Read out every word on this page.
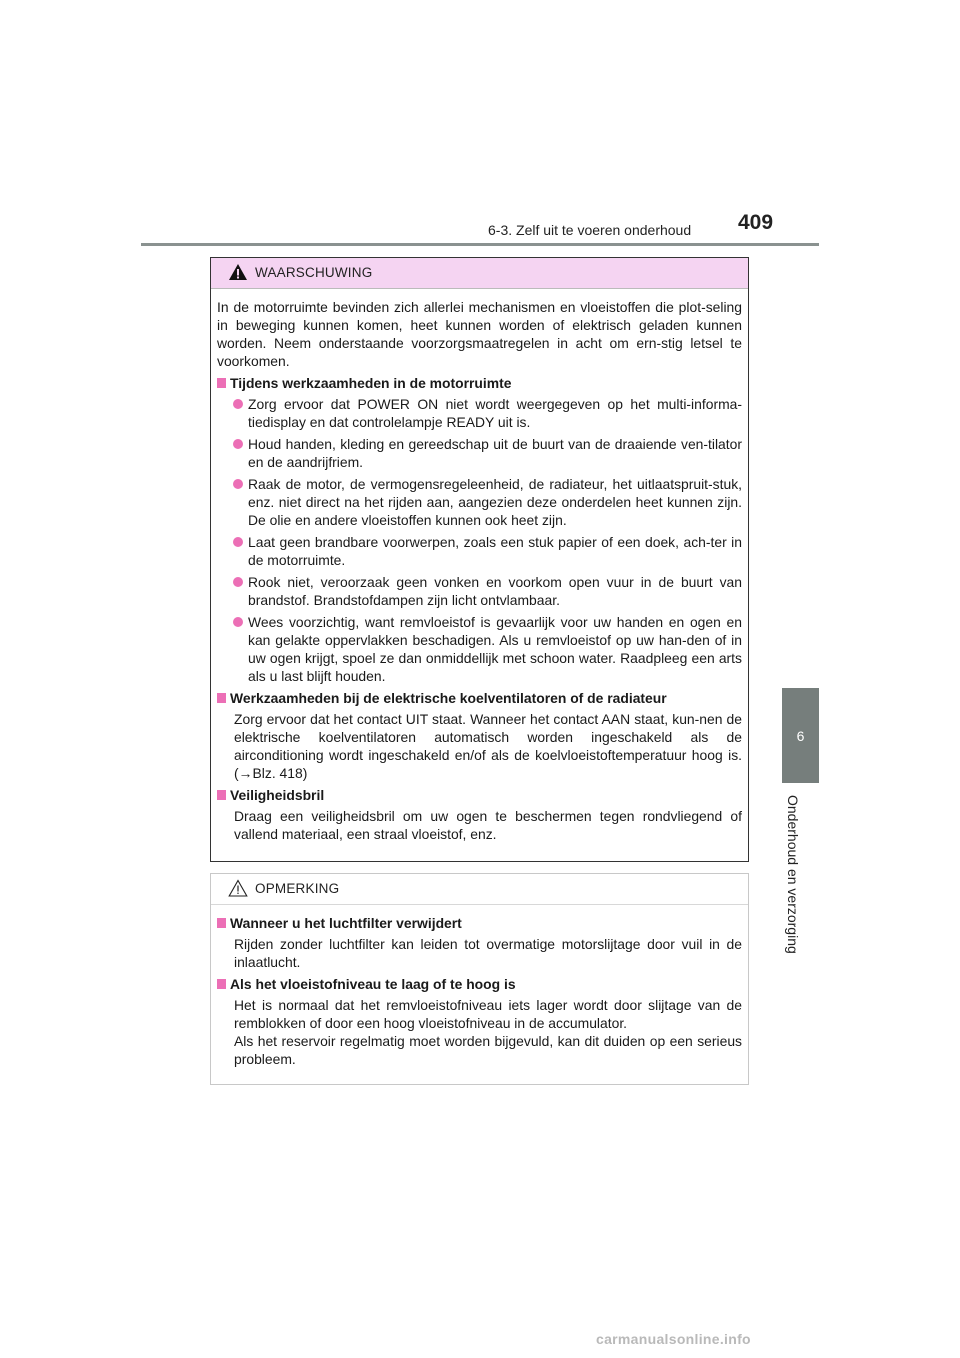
6-3. Zelf uit te voeren onderhoud 409
6
Onderhoud en verzorging
WAARSCHUWING

In de motorruimte bevinden zich allerlei mechanismen en vloeistoffen die plot-seling in beweging kunnen komen, heet kunnen worden of elektrisch geladen kunnen worden. Neem onderstaande voorzorgsmaatregelen in acht om ern-stig letsel te voorkomen.

Tijdens werkzaamheden in de motorruimte
Zorg ervoor dat POWER ON niet wordt weergegeven op het multi-informa-tiedisplay en dat controlelampje READY uit is.
Houd handen, kleding en gereedschap uit de buurt van de draaiende ven-tilator en de aandrijfriem.
Raak de motor, de vermogensregeleenheid, de radiateur, het uitlaatspruit-stuk, enz. niet direct na het rijden aan, aangezien deze onderdelen heet kunnen zijn. De olie en andere vloeistoffen kunnen ook heet zijn.
Laat geen brandbare voorwerpen, zoals een stuk papier of een doek, ach-ter in de motorruimte.
Rook niet, veroorzaak geen vonken en voorkom open vuur in de buurt van brandstof. Brandstofdampen zijn licht ontvlambaar.
Wees voorzichtig, want remvloeistof is gevaarlijk voor uw handen en ogen en kan gelakte oppervlakken beschadigen. Als u remvloeistof op uw han-den of in uw ogen krijgt, spoel ze dan onmiddellijk met schoon water. Raadpleeg een arts als u last blijft houden.
Werkzaamheden bij de elektrische koelventilatoren of de radiateur

Zorg ervoor dat het contact UIT staat. Wanneer het contact AAN staat, kun-nen de elektrische koelventilatoren automatisch worden ingeschakeld als de airconditioning wordt ingeschakeld en/of als de koelvloeistoftemperatuur hoog is. (→Blz. 418)

Veiligheidsbril

Draag een veiligheidsbril om uw ogen te beschermen tegen rondvliegend of vallend materiaal, een straal vloeistof, enz.

OPMERKING
Wanneer u het luchtfilter verwijdert

Rijden zonder luchtfilter kan leiden tot overmatige motorslijtage door vuil in de inlaatlucht.

Als het vloeistofniveau te laag of te hoog is

Het is normaal dat het remvloeistofniveau iets lager wordt door slijtage van de remblokken of door een hoog vloeistofniveau in de accumulator.

Als het reservoir regelmatig moet worden bijgevuld, kan dit duiden op een serieus probleem.

carmanualsonline.info
